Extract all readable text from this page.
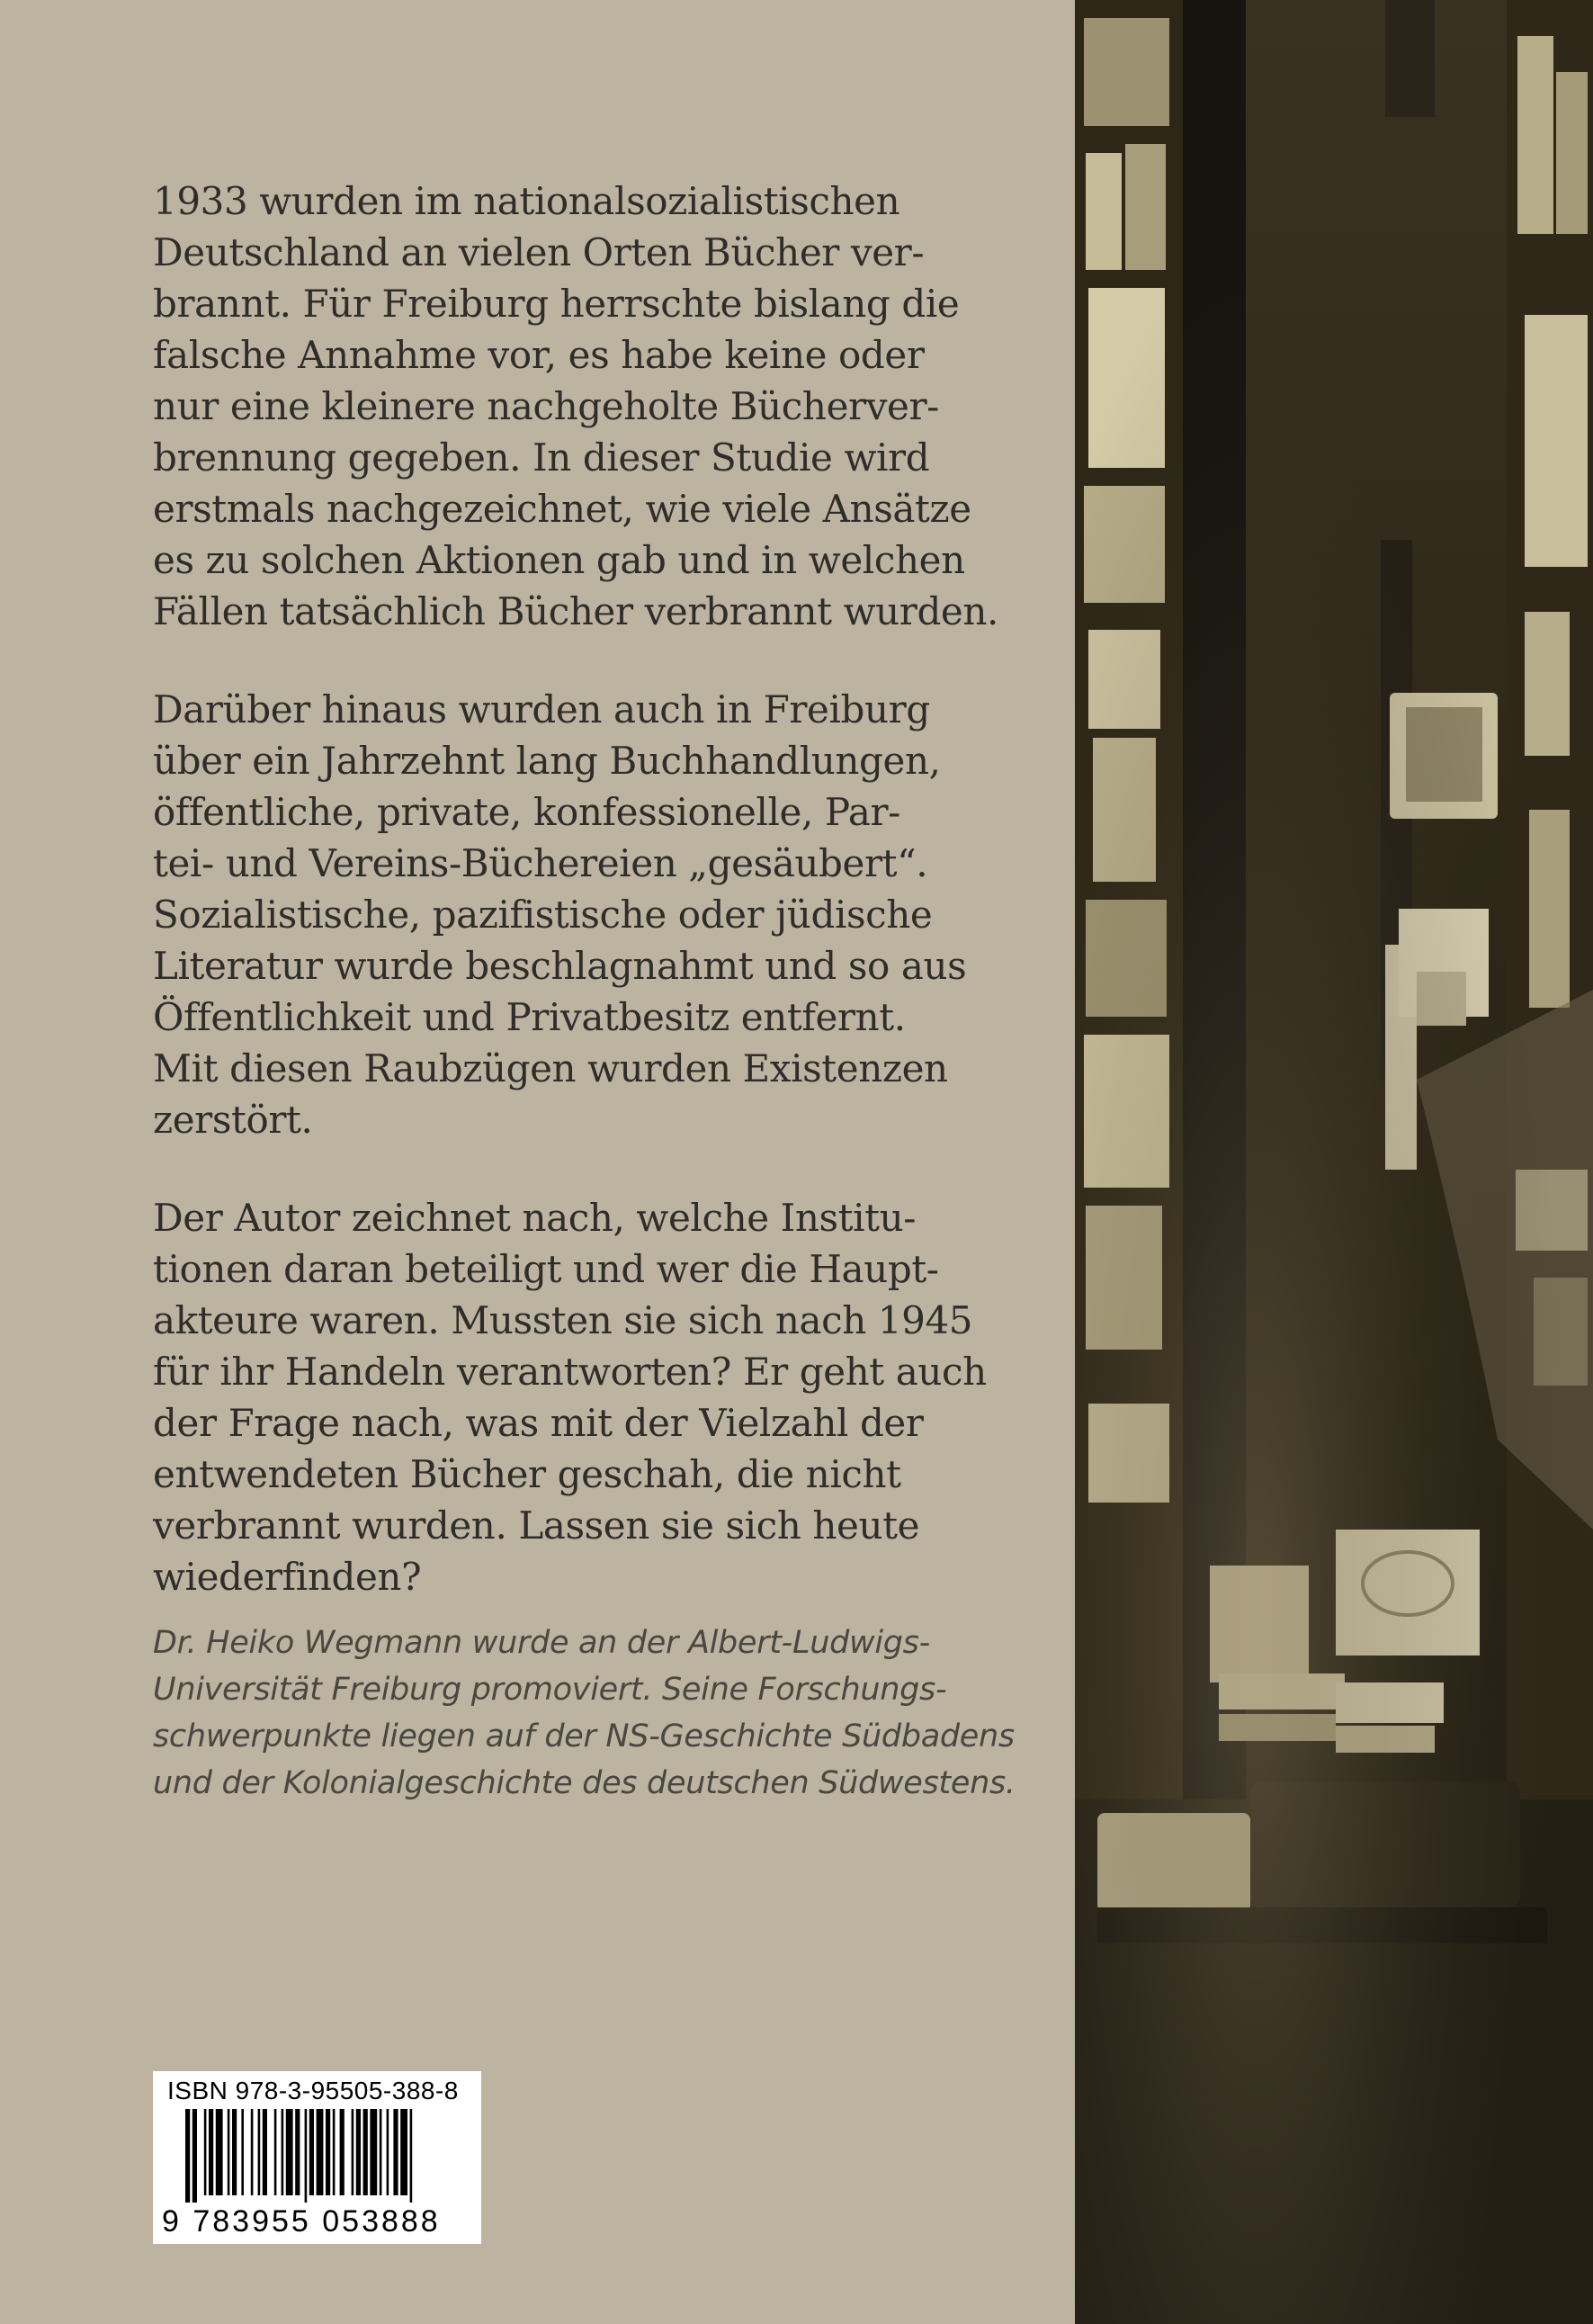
1933 wurden im nationalsozialistischen
Deutschland an vielen Orten Bücher ver-
brannt. Für Freiburg herrschte bislang die
falsche Annahme vor, es habe keine oder
nur eine kleinere nachgeholte Bücherver-
brennung gegeben. In dieser Studie wird
erstmals nachgezeichnet, wie viele Ansätze
es zu solchen Aktionen gab und in welchen
Fällen tatsächlich Bücher verbrannt wurden.

Darüber hinaus wurden auch in Freiburg
über ein Jahrzehnt lang Buchhandlungen,
öffentliche, private, konfessionelle, Par-
tei- und Vereins-Büchereien „gesäubert“.
Sozialistische, pazifistische oder jüdische
Literatur wurde beschlagnahmt und so aus
Öffentlichkeit und Privatbesitz entfernt.
Mit diesen Raubzügen wurden Existenzen
zerstört.

Der Autor zeichnet nach, welche Institu-
tionen daran beteiligt und wer die Haupt-
akteure waren. Mussten sie sich nach 1945
für ihr Handeln verantworten? Er geht auch
der Frage nach, was mit der Vielzahl der
entwendeten Bücher geschah, die nicht
verbrannt wurden. Lassen sie sich heute
wiederfinden?

Dr. Heiko Wegmann wurde an der Albert-Ludwigs-
Universität Freiburg promoviert. Seine Forschungs-
schwerpunkte liegen auf der NS-Geschichte Südbadens
und der Kolonialgeschichte des deutschen Südwestens.
ISBN 978-3-95505-388-8
9 783955 053888
